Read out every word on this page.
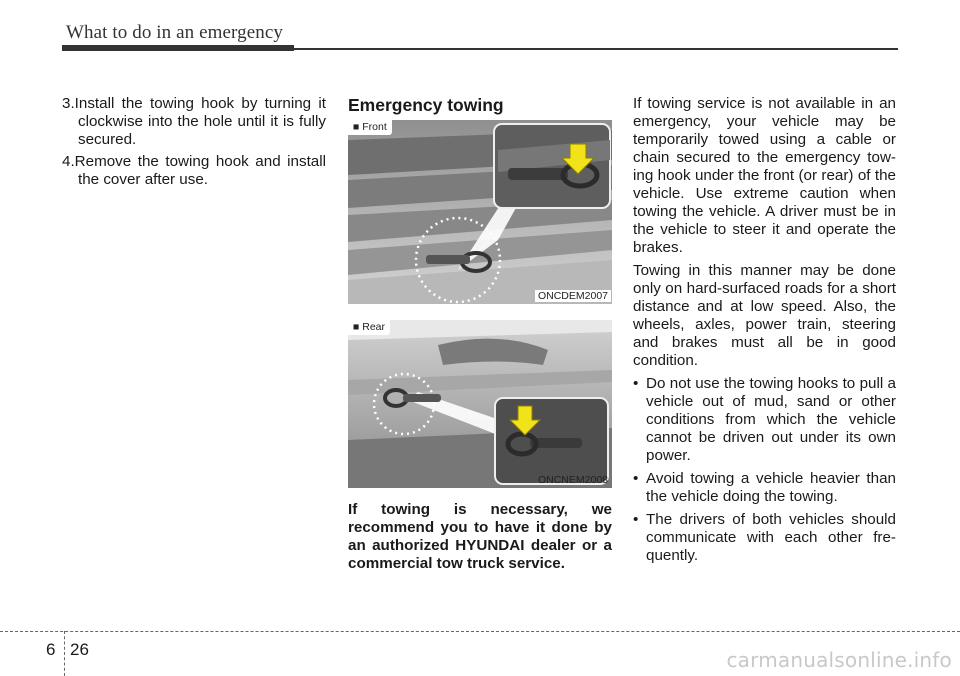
What to do in an emergency

3.Install the towing hook by turning it clockwise into the hole until it is fully secured.

4.Remove the towing hook and install the cover after use.

Emergency towing
■ Front
ONCDEM2007
■ Rear
ONCNEM2008

If towing is necessary, we recommend you to have it done by an authorized HYUNDAI dealer or a commercial tow truck service.

If towing service is not available in an emergency, your vehicle may be temporarily towed using a cable or chain secured to the emergency tow-ing hook under the front (or rear) of the vehicle. Use extreme caution when towing the vehicle. A driver must be in the vehicle to steer it and operate the brakes.

Towing in this manner may be done only on hard-surfaced roads for a short distance and at low speed. Also, the wheels, axles, power train, steering and brakes must all be in good condition.

• Do not use the towing hooks to pull a vehicle out of mud, sand or other conditions from which the vehicle cannot be driven out under its own power.
• Avoid towing a vehicle heavier than the vehicle doing the towing.
• The drivers of both vehicles should communicate with each other fre-quently.
6 26	carmanualsonline.info
